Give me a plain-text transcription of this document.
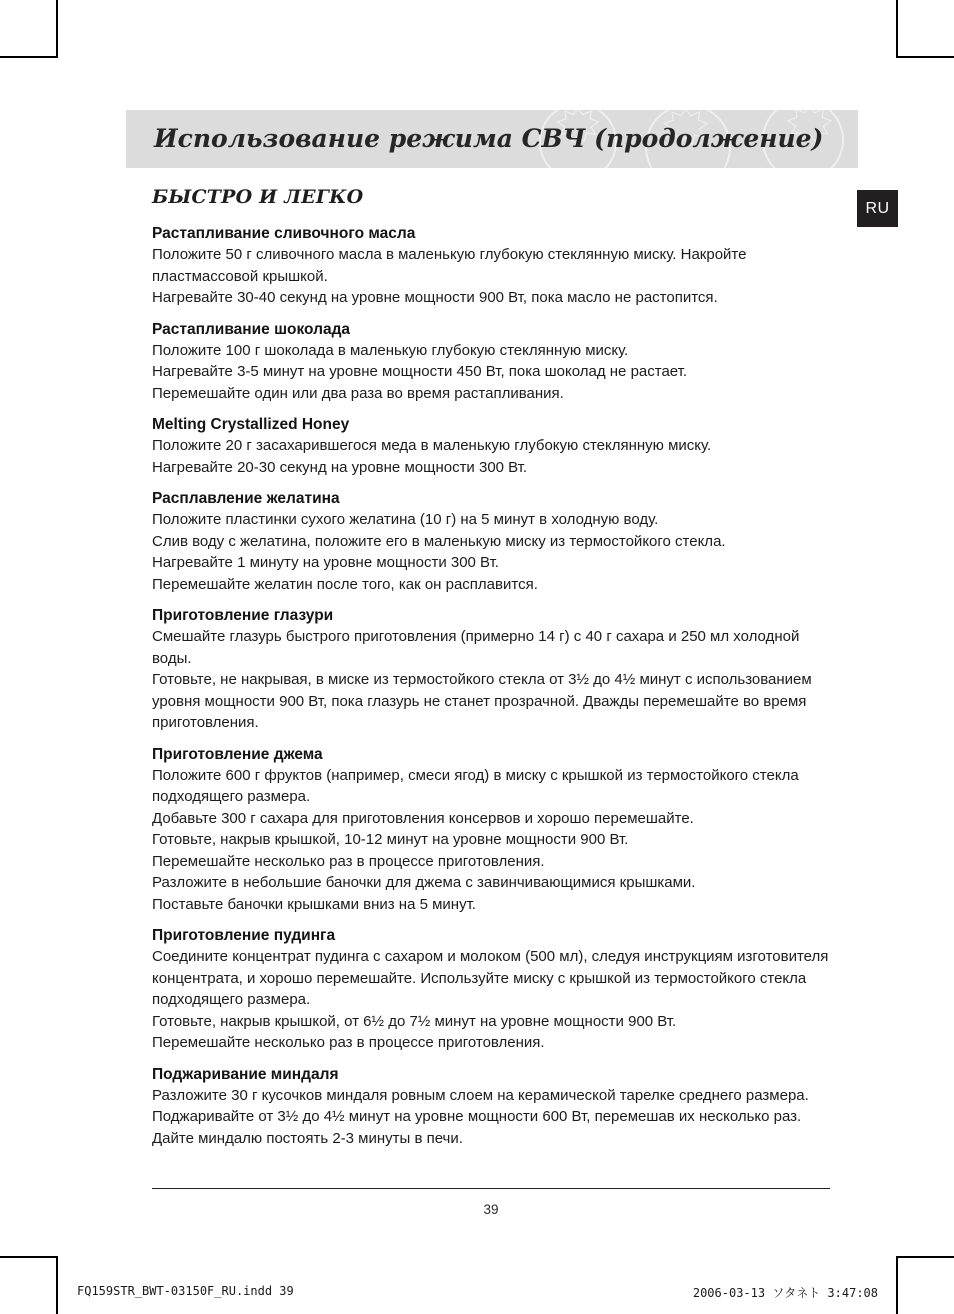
Использование режима СВЧ (продолжение)
RU
БЫСТРО И ЛЕГКО
Растапливание сливочного масла

Положите 50 г сливочного масла в маленькую глубокую стеклянную миску. Накройте пластмассовой крышкой.

Нагревайте 30-40 секунд на уровне мощности 900 Вт, пока масло не растопится.

Растапливание шоколада

Положите 100 г шоколада в маленькую глубокую стеклянную миску.

Нагревайте 3-5 минут на уровне мощности 450 Вт, пока шоколад не растает.

Перемешайте один или два раза во время растапливания.

Melting Crystallized Honey

Положите 20 г засахарившегося меда в маленькую глубокую стеклянную миску.

Нагревайте 20-30 секунд на уровне мощности 300 Вт.

Расплавление желатина

Положите пластинки сухого желатина (10 г) на 5 минут в холодную воду.

Слив воду с желатина, положите его в маленькую миску из термостойкого стекла.

Нагревайте 1 минуту на уровне мощности 300 Вт.

Перемешайте желатин после того, как он расплавится.

Приготовление глазури

Смешайте глазурь быстрого приготовления (примерно 14 г) с 40 г сахара и 250 мл холодной воды.

Готовьте, не накрывая, в миске из термостойкого стекла от 3½ до 4½ минут с использованием уровня мощности 900 Вт, пока глазурь не станет прозрачной. Дважды перемешайте во время приготовления.

Приготовление джема

Положите 600 г фруктов (например, смеси ягод) в миску с крышкой из термостойкого стекла подходящего размера.

Добавьте 300 г сахара для приготовления консервов и хорошо перемешайте.

Готовьте, накрыв крышкой, 10-12 минут на уровне мощности 900 Вт.

Перемешайте несколько раз в процессе приготовления.

Разложите в небольшие баночки для джема с завинчивающимися крышками.

Поставьте баночки крышками вниз на 5 минут.

Приготовление пудинга

Соедините концентрат пудинга с сахаром и молоком (500 мл), следуя инструкциям изготовителя концентрата, и хорошо перемешайте. Используйте миску с крышкой из термостойкого стекла подходящего размера.

Готовьте, накрыв крышкой, от 6½ до 7½ минут на уровне мощности 900 Вт.

Перемешайте несколько раз в процессе приготовления.

Поджаривание миндаля

Разложите 30 г кусочков миндаля ровным слоем на керамической тарелке среднего размера.

Поджаривайте от 3½ до 4½ минут на уровне мощности 600 Вт, перемешав их несколько раз.

Дайте миндалю постоять 2-3 минуты в печи.

39
FQ159STR_BWT-03150F_RU.indd 39	2006-03-13 ソタネト 3:47:08
